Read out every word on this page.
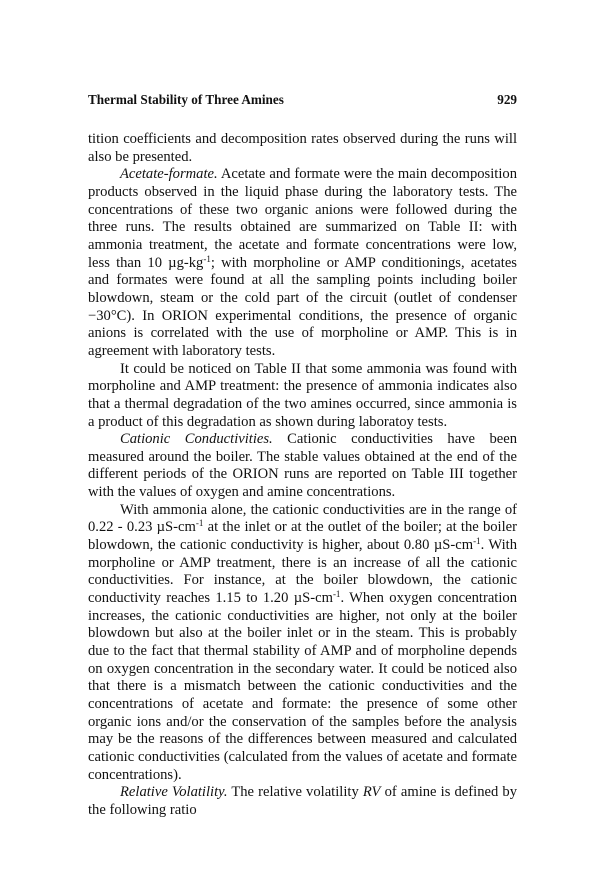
Thermal Stability of Three Amines	929

tition coefficients and decomposition rates observed during the runs will also be presented.

Acetate-formate. Acetate and formate were the main decomposition products observed in the liquid phase during the laboratory tests. The concentrations of these two organic anions were followed during the three runs. The results obtained are summarized on Table II: with ammonia treatment, the acetate and formate concentrations were low, less than 10 $\mu g-kg^{-1}$; with morpholine or AMP conditionings, acetates and formates were found at all the sampling points including boiler blowdown, steam or the cold part of the circuit (outlet of condenser −30°C). In ORION experimental conditions, the presence of organic anions is correlated with the use of morpholine or AMP. This is in agreement with laboratory tests.

It could be noticed on Table II that some ammonia was found with morpholine and AMP treatment: the presence of ammonia indicates also that a thermal degradation of the two amines occurred, since ammonia is a product of this degradation as shown during laboratoy tests.

Cationic Conductivities. Cationic conductivities have been measured around the boiler. The stable values obtained at the end of the different periods of the ORION runs are reported on Table III together with the values of oxygen and amine concentrations.

With ammonia alone, the cationic conductivities are in the range of 0.22 - 0.23 $\mu S-cm^{-1}$ at the inlet or at the outlet of the boiler; at the boiler blowdown, the cationic conductivity is higher, about 0.80 $\mu S-cm^{-1}$. With morpholine or AMP treatment, there is an increase of all the cationic conductivities. For instance, at the boiler blowdown, the cationic conductivity reaches 1.15 to 1.20 $\mu S-cm^{-1}$. When oxygen concentration increases, the cationic conductivities are higher, not only at the boiler blowdown but also at the boiler inlet or in the steam. This is probably due to the fact that thermal stability of AMP and of morpholine depends on oxygen concentration in the secondary water. It could be noticed also that there is a mismatch between the cationic conductivities and the concentrations of acetate and formate: the presence of some other organic ions and/or the conservation of the samples before the analysis may be the reasons of the differences between measured and calculated cationic conductivities (calculated from the values of acetate and formate concentrations).

Relative Volatility. The relative volatility RV of amine is defined by the following ratio
